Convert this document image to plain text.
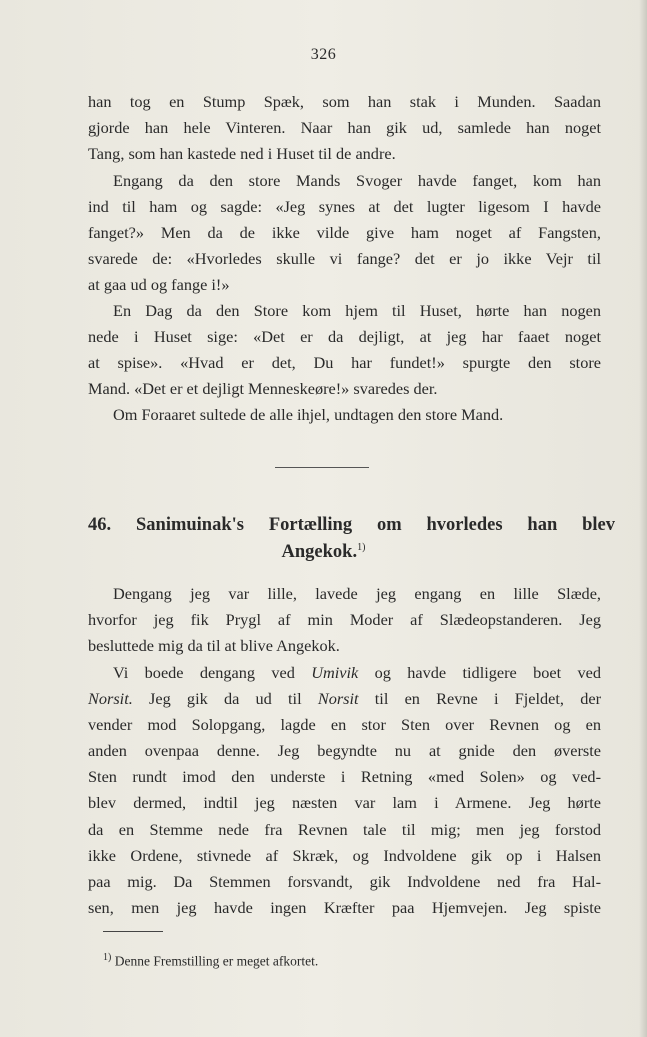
326
han tog en Stump Spæk, som han stak i Munden. Saadan
gjorde han hele Vinteren. Naar han gik ud, samlede han noget
Tang, som han kastede ned i Huset til de andre.
Engang da den store Mands Svoger havde fanget, kom han
ind til ham og sagde: «Jeg synes at det lugter ligesom I havde
fanget?» Men da de ikke vilde give ham noget af Fangsten,
svarede de: «Hvorledes skulle vi fange? det er jo ikke Vejr til
at gaa ud og fange i!»
En Dag da den Store kom hjem til Huset, hørte han nogen
nede i Huset sige: «Det er da dejligt, at jeg har faaet noget
at spise». «Hvad er det, Du har fundet!» spurgte den store
Mand. «Det er et dejligt Menneskeøre!» svaredes der.
Om Foraaret sultede de alle ihjel, undtagen den store Mand.
46. Sanimuinak's Fortælling om hvorledes han blev
Angekok.$^{1)}$
Dengang jeg var lille, lavede jeg engang en lille Slæde,
hvorfor jeg fik Prygl af min Moder af Slædeopstanderen. Jeg
besluttede mig da til at blive Angekok.
Vi boede dengang ved Umivik og havde tidligere boet ved
Norsit. Jeg gik da ud til Norsit til en Revne i Fjeldet, der
vender mod Solopgang, lagde en stor Sten over Revnen og en
anden ovenpaa denne. Jeg begyndte nu at gnide den øverste
Sten rundt imod den underste i Retning «med Solen» og ved-
blev dermed, indtil jeg næsten var lam i Armene. Jeg hørte
da en Stemme nede fra Revnen tale til mig; men jeg forstod
ikke Ordene, stivnede af Skræk, og Indvoldene gik op i Halsen
paa mig. Da Stemmen forsvandt, gik Indvoldene ned fra Hal-
sen, men jeg havde ingen Kræfter paa Hjemvejen. Jeg spiste
$^{1)}$ Denne Fremstilling er meget afkortet.
